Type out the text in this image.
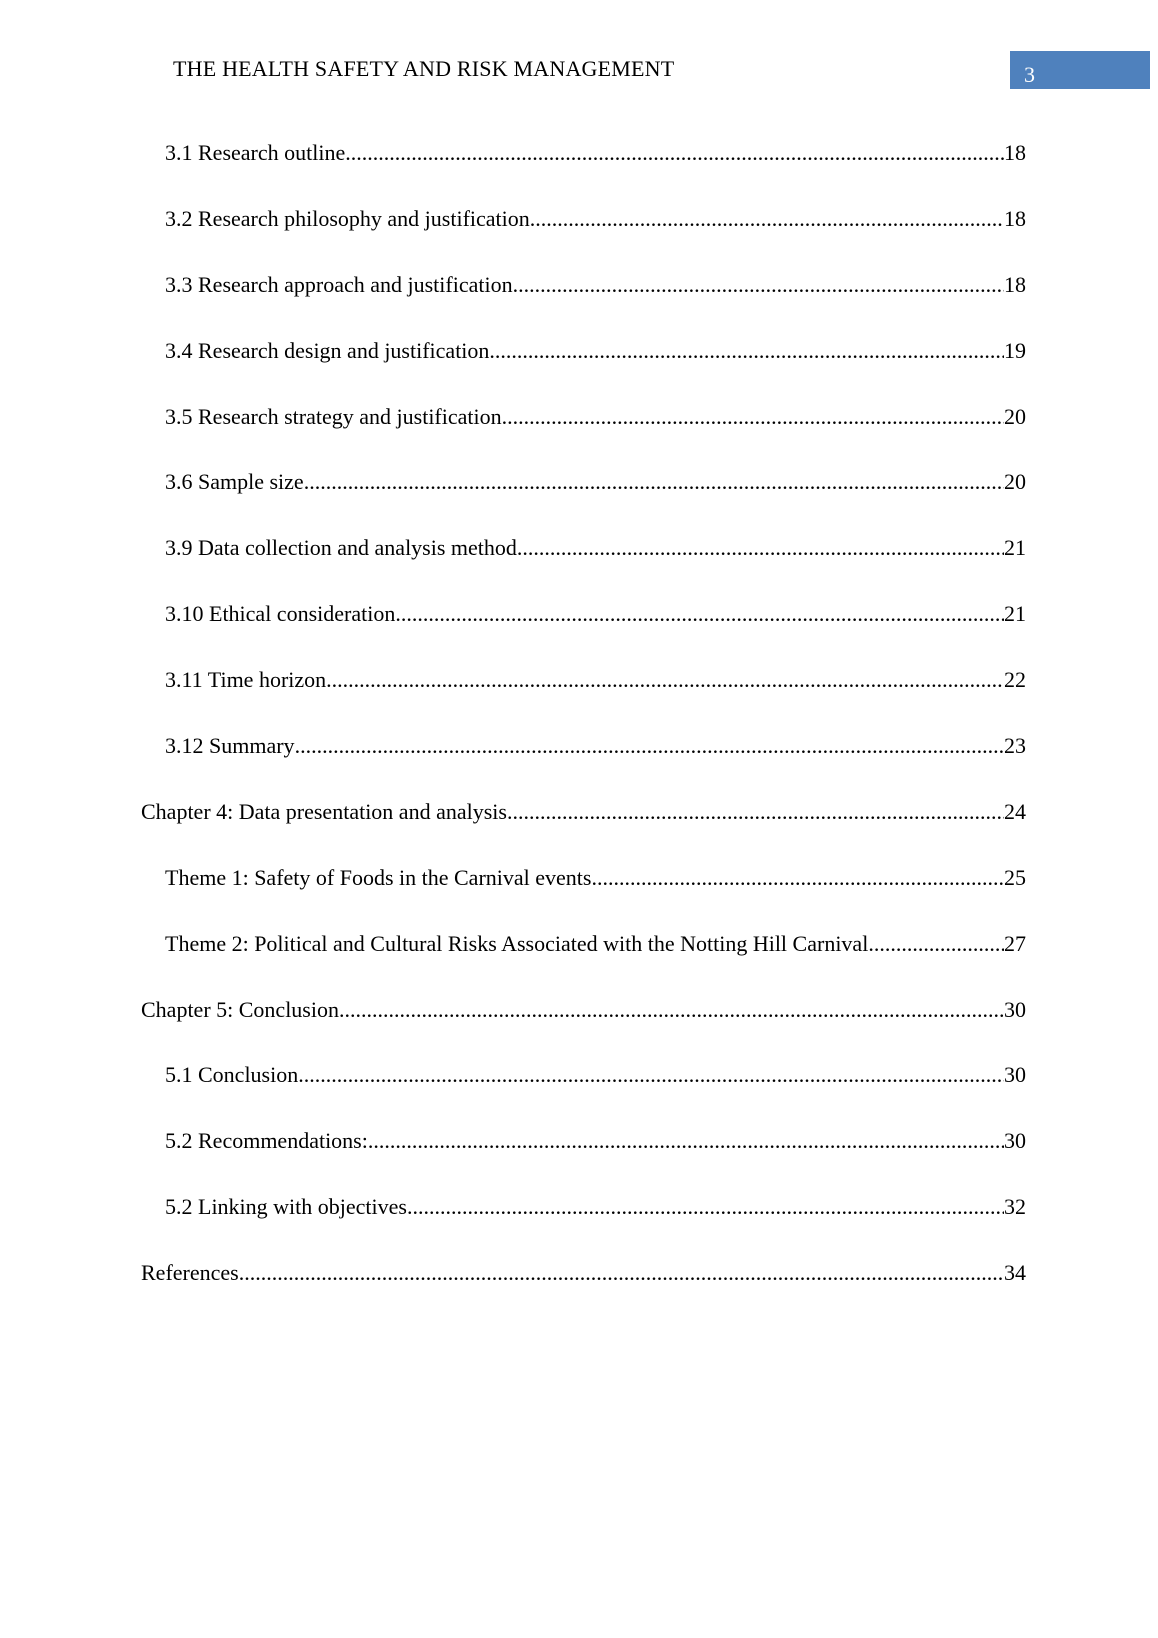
THE HEALTH SAFETY AND RISK MANAGEMENT	3
3.1 Research outline .....	18
3.2 Research philosophy and justification .....	18
3.3 Research approach and justification .....	18
3.4 Research design and justification .....	19
3.5 Research strategy and justification .....	20
3.6 Sample size .....	20
3.9 Data collection and analysis method .....	21
3.10 Ethical consideration .....	21
3.11 Time horizon .....	22
3.12 Summary .....	23
Chapter 4: Data presentation and analysis .....	24
Theme 1: Safety of Foods in the Carnival events .....	25
Theme 2: Political and Cultural Risks Associated with the Notting Hill Carnival .....	27
Chapter 5: Conclusion .....	30
5.1 Conclusion .....	30
5.2 Recommendations: .....	30
5.2 Linking with objectives .....	32
References .....	34
